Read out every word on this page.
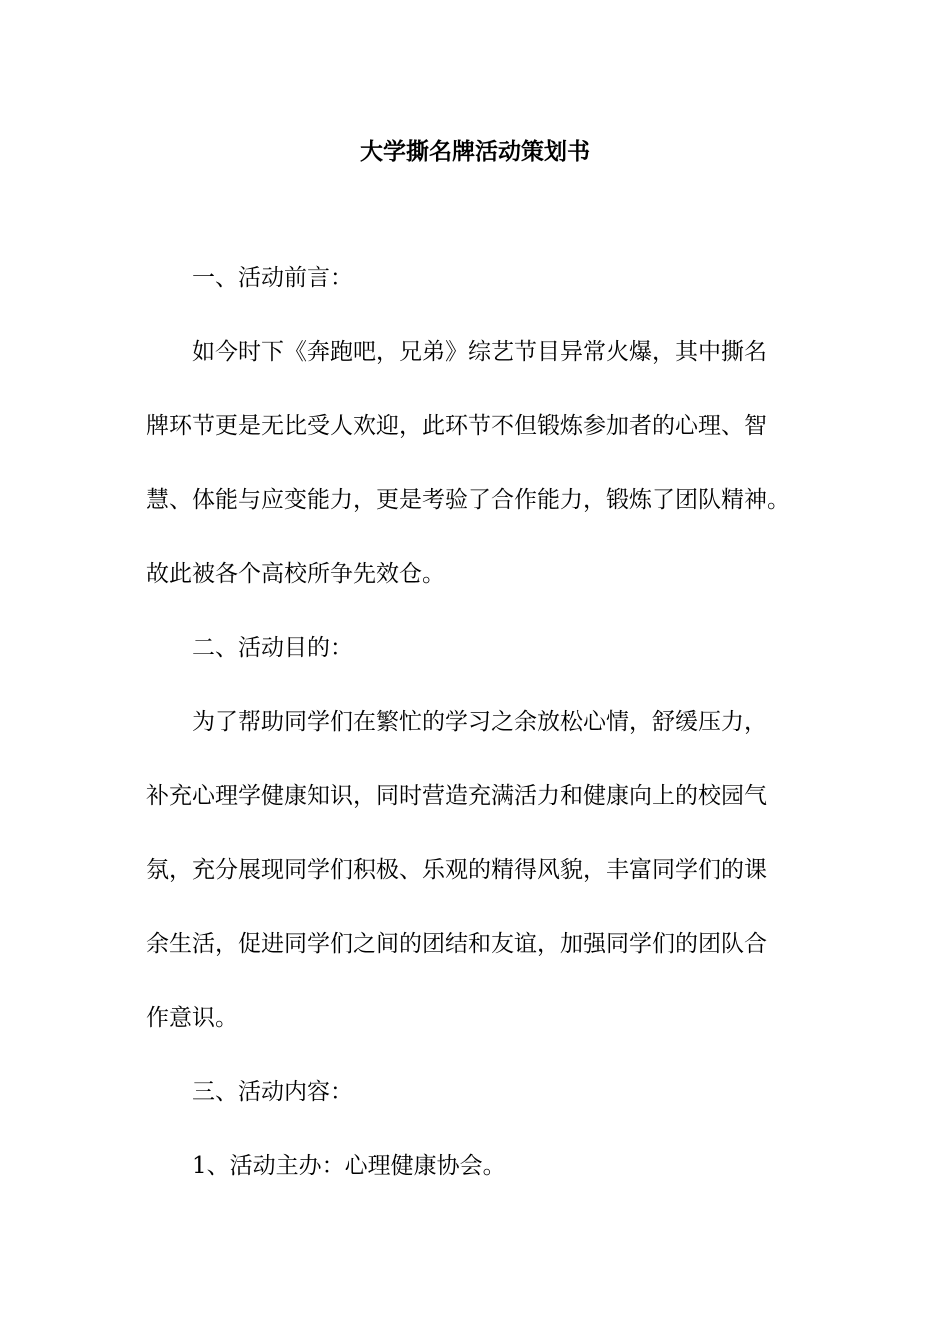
大学撕名牌活动策划书
一、活动前言：
如今时下《奔跑吧，兄弟》综艺节目异常火爆，其中撕名
牌环节更是无比受人欢迎，此环节不但锻炼参加者的心理、智
慧、体能与应变能力，更是考验了合作能力，锻炼了团队精神。
故此被各个高校所争先效仓。
二、活动目的：
为了帮助同学们在繁忙的学习之余放松心情，舒缓压力，
补充心理学健康知识，同时营造充满活力和健康向上的校园气
氛，充分展现同学们积极、乐观的精得风貌，丰富同学们的课
余生活，促进同学们之间的团结和友谊，加强同学们的团队合
作意识。
三、活动内容：
1、活动主办：心理健康协会。
